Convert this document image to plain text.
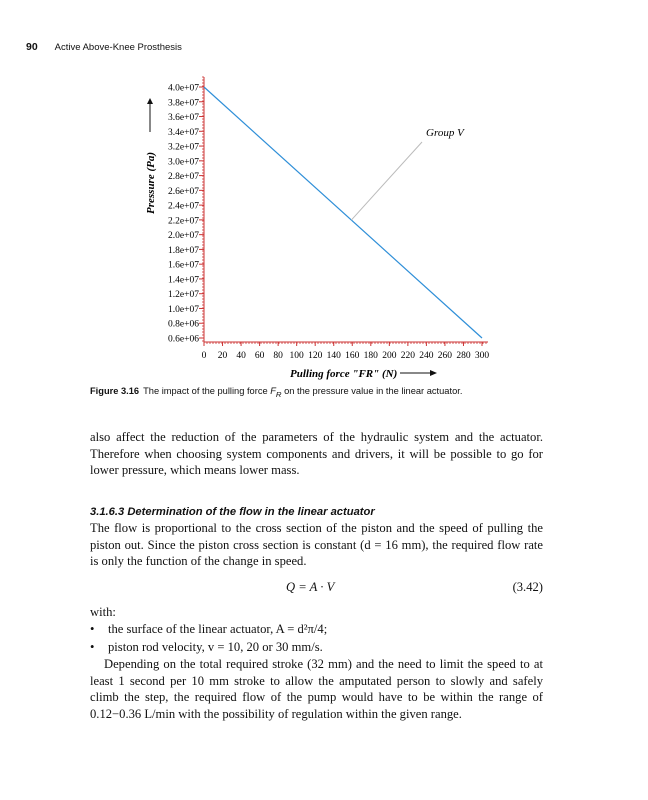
90 Active Above-Knee Prosthesis
0.6e+06
0.8e+06
1.0e+07
1.2e+07
1.4e+07
1.6e+07
1.8e+07
2.0e+07
2.2e+07
2.4e+07
2.6e+07
2.8e+07
3.0e+07
3.2e+07
3.4e+07
3.6e+07
3.8e+07
4.0e+07
0 20 40 60 80 100 120 140 160 180 200 220 240 260 280 300
Group V
Pressure (Pa)
Pulling force "FR" (N)
Figure 3.16 The impact of the pulling force $F_R$ on the pressure value in the linear actuator.
also affect the reduction of the parameters of the hydraulic system and the actuator. Therefore when choosing system components and drivers, it will be possible to go for lower pressure, which means lower mass.
3.1.6.3 Determination of the flow in the linear actuator
The flow is proportional to the cross section of the piston and the speed of pulling the piston out. Since the piston cross section is constant (d = 16 mm), the required flow rate is only the function of the change in speed.
Q = A · V	(3.42)
with:
• the surface of the linear actuator, A = d²π/4;
• piston rod velocity, v = 10, 20 or 30 mm/s.
Depending on the total required stroke (32 mm) and the need to limit the speed to at least 1 second per 10 mm stroke to allow the amputated person to slowly and safely climb the step, the required flow of the pump would have to be within the range of 0.12−0.36 L/min with the possibility of regulation within the given range.
